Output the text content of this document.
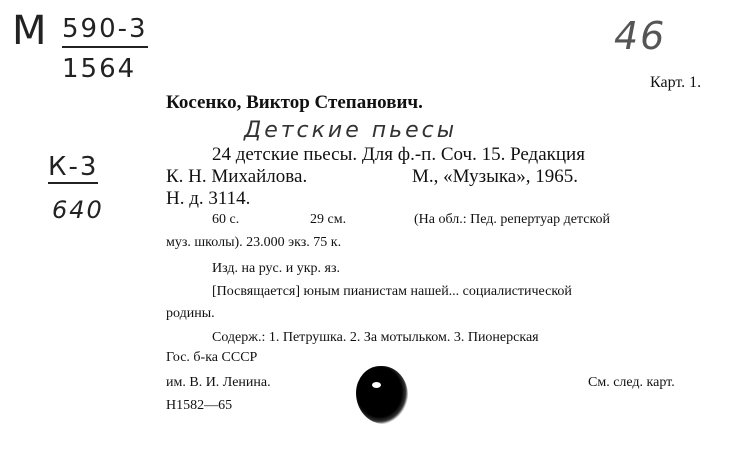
М 590-3
1564
46
К-3
640
Детские пьесы
Карт. 1.
Косенко, Виктор Степанович.
24 детские пьесы. Для ф.-п. Соч. 15. Редакция
К. Н. Михайлова.	М., «Музыка», 1965.
Н. д. 3114.
60 с.	29 см.	(На обл.: Пед. репертуар детской
муз. школы). 23.000 экз. 75 к.
Изд. на рус. и укр. яз.
[Посвящается] юным пианистам нашей... социалистической
родины.
Содерж.: 1. Петрушка. 2. За мотыльком. 3. Пионерская
Гос. б-ка СССР
им. В. И. Ленина.	См. след. карт.
Н1582—65
